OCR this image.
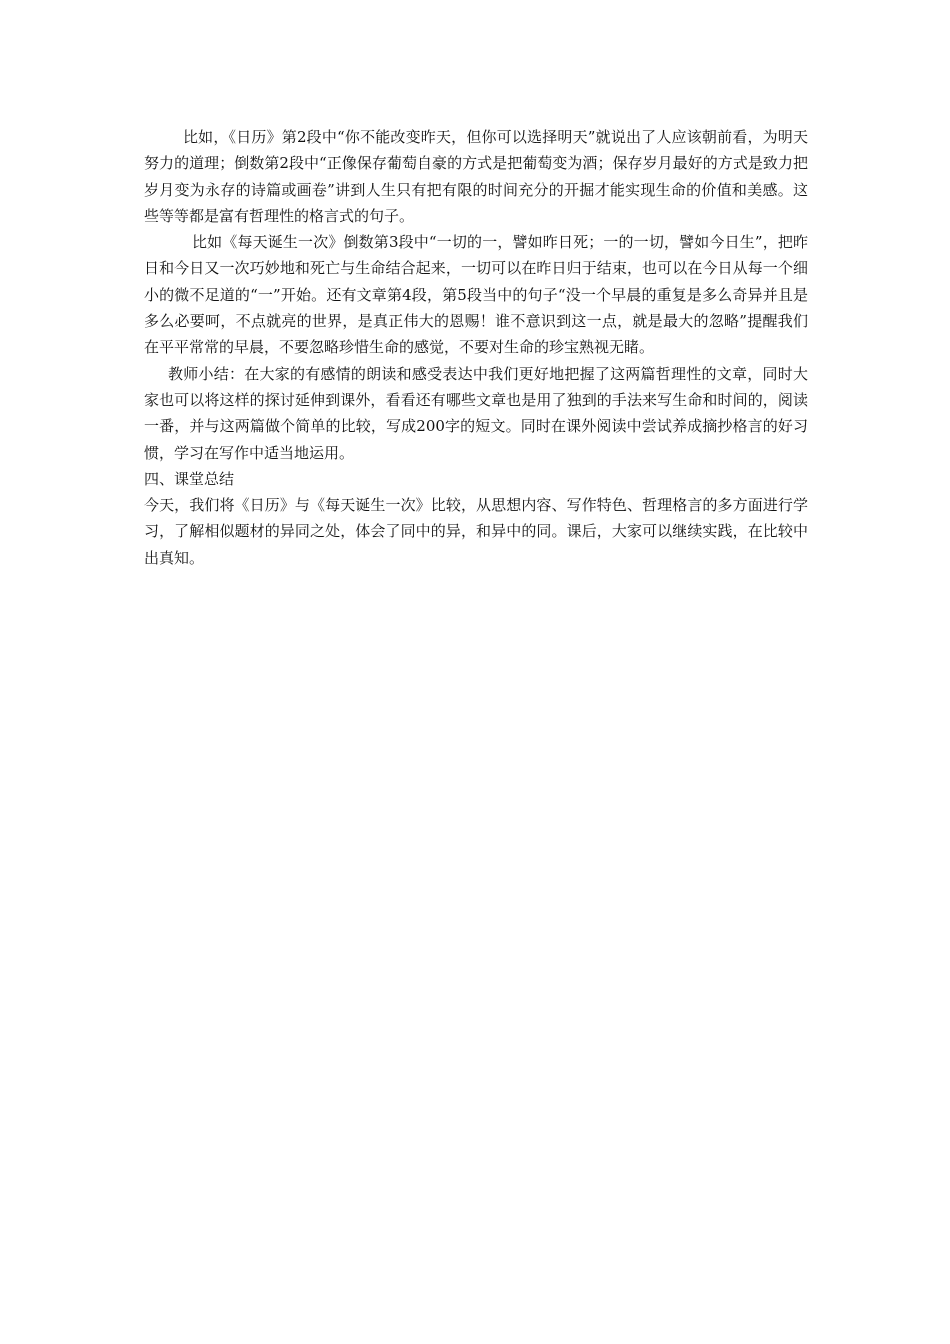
比如，《日历》第2段中“你不能改变昨天，但你可以选择明天”就说出了人应该朝前看，为明天努力的道理；倒数第2段中“正像保存葡萄自豪的方式是把葡萄变为酒；保存岁月最好的方式是致力把岁月变为永存的诗篇或画卷”讲到人生只有把有限的时间充分的开掘才能实现生命的价值和美感。这些等等都是富有哲理性的格言式的句子。

比如《每天诞生一次》倒数第3段中“一切的一，譬如昨日死；一的一切，譬如今日生”，把昨日和今日又一次巧妙地和死亡与生命结合起来，一切可以在昨日归于结束，也可以在今日从每一个细小的微不足道的“一”开始。还有文章第4段，第5段当中的句子“没一个早晨的重复是多么奇异并且是多么必要呵，不点就亮的世界，是真正伟大的恩赐！谁不意识到这一点，就是最大的忽略”提醒我们在平平常常的早晨，不要忽略珍惜生命的感觉，不要对生命的珍宝熟视无睹。

教师小结：在大家的有感情的朗读和感受表达中我们更好地把握了这两篇哲理性的文章，同时大家也可以将这样的探讨延伸到课外，看看还有哪些文章也是用了独到的手法来写生命和时间的，阅读一番，并与这两篇做个简单的比较，写成200字的短文。同时在课外阅读中尝试养成摘抄格言的好习惯，学习在写作中适当地运用。

四、课堂总结

今天，我们将《日历》与《每天诞生一次》比较，从思想内容、写作特色、哲理格言的多方面进行学习，了解相似题材的异同之处，体会了同中的异，和异中的同。课后，大家可以继续实践，在比较中出真知。
